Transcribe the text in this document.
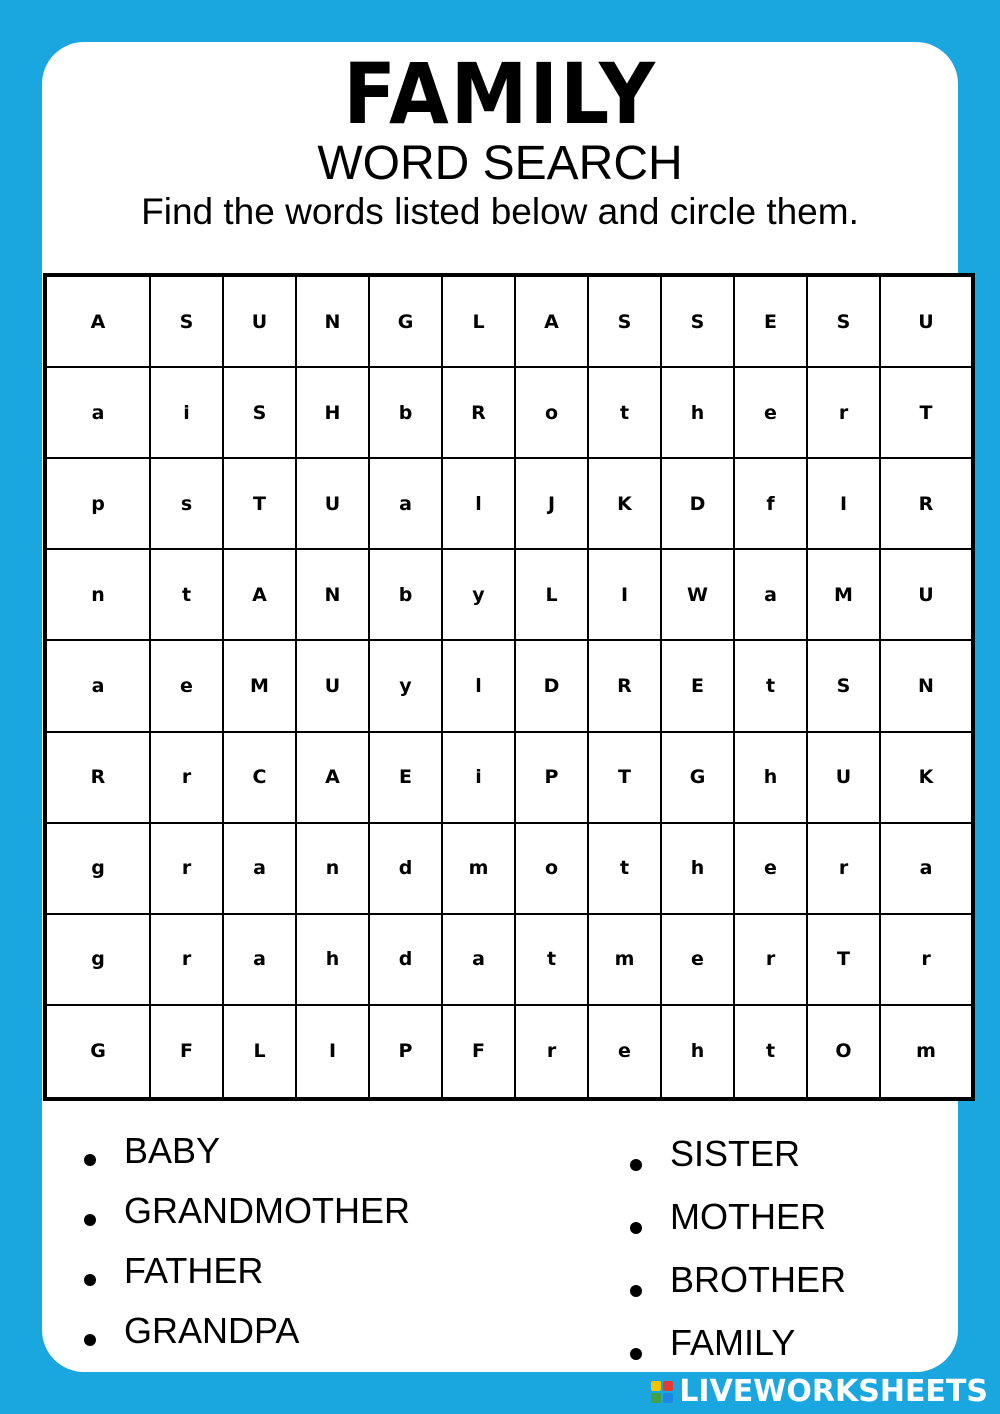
FAMILY
WORD SEARCH
Find the words listed below and circle them.
A	S	U	N	G	L	A	S	S	E	S	U
a	i	S	H	b	R	o	t	h	e	r	T
p	s	T	U	a	l	J	K	D	f	I	R
n	t	A	N	b	y	L	I	W	a	M	U
a	e	M	U	y	l	D	R	E	t	S	N
R	r	C	A	E	i	P	T	G	h	U	K
g	r	a	n	d	m	o	t	h	e	r	a
g	r	a	h	d	a	t	m	e	r	T	r
G	F	L	I	P	F	r	e	h	t	O	m
BABY
GRANDMOTHER
FATHER
GRANDPA
SISTER
MOTHER
BROTHER
FAMILY
LIVEWORKSHEETS
